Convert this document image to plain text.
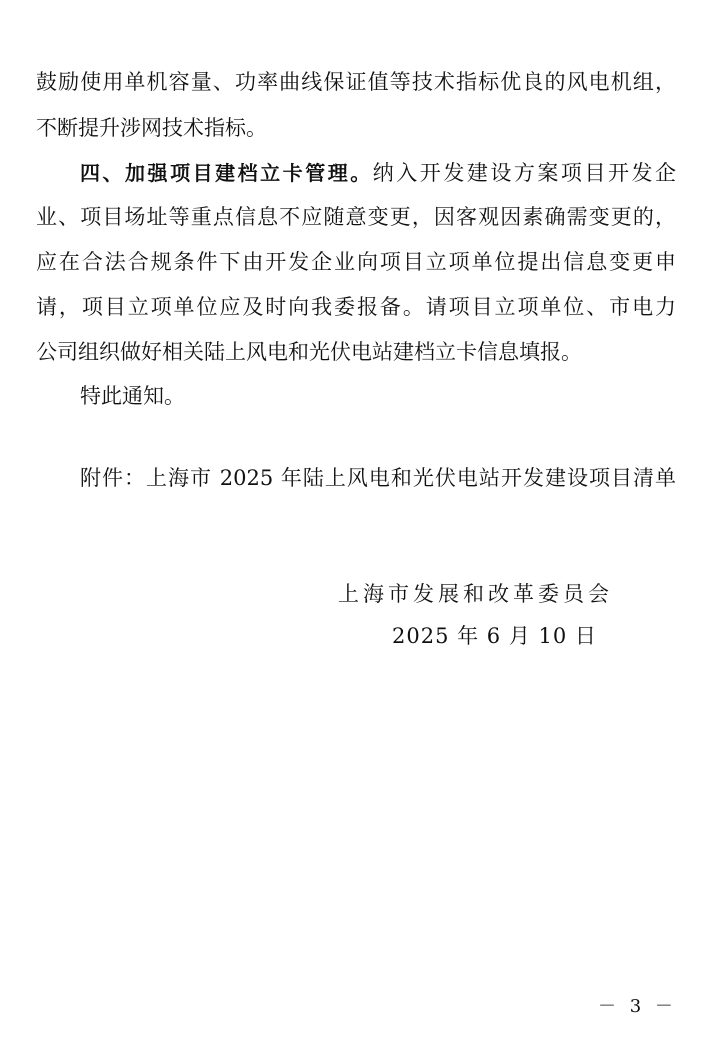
鼓励使用单机容量、功率曲线保证值等技术指标优良的风电机组，
不断提升涉网技术指标。
四、加强项目建档立卡管理。纳入开发建设方案项目开发企
业、项目场址等重点信息不应随意变更，因客观因素确需变更的，
应在合法合规条件下由开发企业向项目立项单位提出信息变更申
请，项目立项单位应及时向我委报备。请项目立项单位、市电力
公司组织做好相关陆上风电和光伏电站建档立卡信息填报。
特此通知。
附件：上海市 2025 年陆上风电和光伏电站开发建设项目清单
上海市发展和改革委员会
2025 年 6 月 10 日
－ 3 －
